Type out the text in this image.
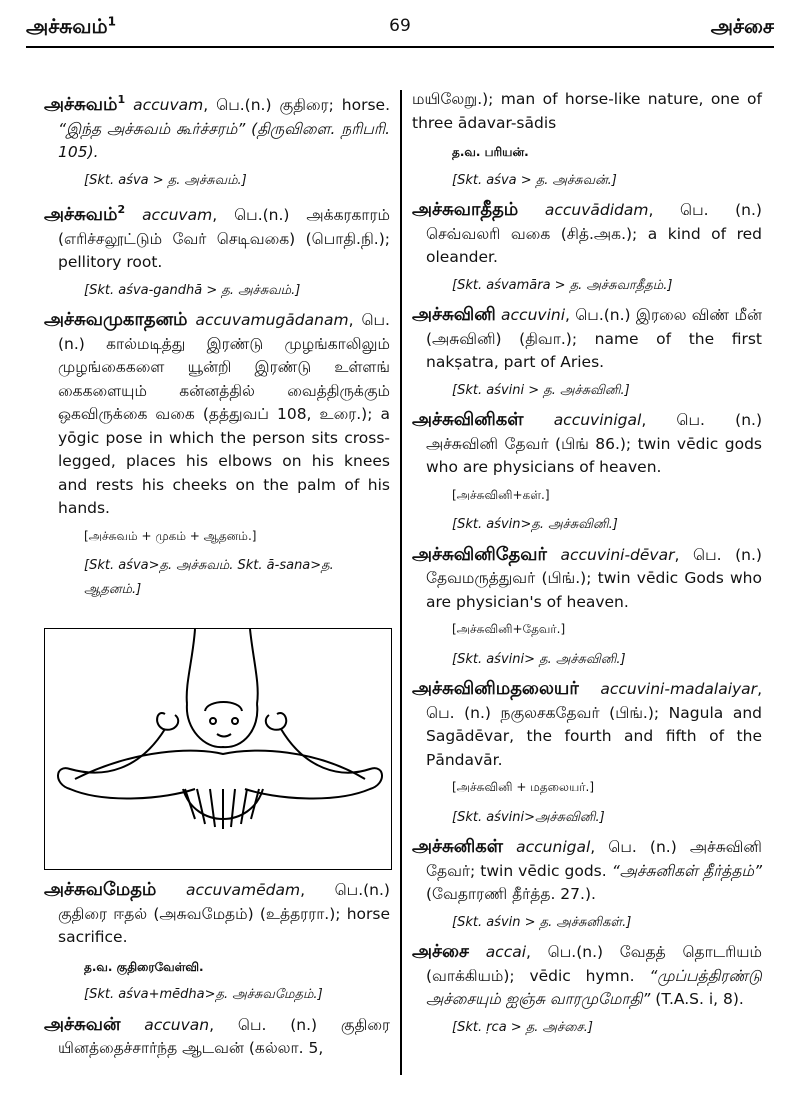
அச்சுவம்$^1$	69	அச்சை
அச்சுவம்$^1$ accuvam, பெ.(n.) குதிரை; horse. “இந்த அச்சுவம் கூர்ச்சரம்” (திருவிளை. நரிபரி. 105).
[Skt. aśva > த. அச்சுவம்.]
அச்சுவம்$^2$ accuvam, பெ.(n.) அக்கரகாரம் (எரிச்சலூட்டும் வேர் செடிவகை) (பொதி.நி.); pellitory root.
[Skt. aśva-gandhā > த. அச்சுவம்.]
அச்சுவமுகாதனம் accuvamugādanam, பெ. (n.) கால்மடித்து இரண்டு முழங்காலிலும் முழங்கைகளை யூன்றி இரண்டு உள்ளங் கைகளையும் கன்னத்தில் வைத்திருக்கும் ஒகவிருக்கை வகை (தத்துவப் 108, உரை.); a yōgic pose in which the person sits cross-legged, places his elbows on his knees and rests his cheeks on the palm of his hands.
[அச்சுவம் + முகம் + ஆதனம்.]
[Skt. aśva>த. அச்சுவம். Skt. ā-sana>த. ஆதனம்.]
அச்சுவமேதம் accuvamēdam, பெ.(n.) குதிரை ஈதல் (அசுவமேதம்) (உத்தரரா.); horse sacrifice.
த.வ. குதிரைவேள்வி.
[Skt. aśva+mēdha>த. அச்சுவமேதம்.]
அச்சுவன் accuvan, பெ. (n.) குதிரை யினத்தைச்சார்ந்த ஆடவன் (கல்லா. 5,
மயிலேறு.); man of horse-like nature, one of three ādavar-sādis
த.வ. பரியன்.
[Skt. aśva > த. அச்சுவன்.]
அச்சுவாதீதம் accuvādidam, பெ. (n.) செவ்வலரி வகை (சித்.அக.); a kind of red oleander.
[Skt. aśvamāra > த. அச்சுவாதீதம்.]
அச்சுவினி accuvini, பெ.(n.) இரலை விண் மீன் (அசுவினி) (திவா.); name of the first nakṣatra, part of Aries.
[Skt. aśvini > த. அச்சுவினி.]
அச்சுவினிகள் accuvinigal, பெ. (n.) அச்சுவினி தேவர் (பிங் 86.); twin vēdic gods who are physicians of heaven.
[அச்சுவினி+கள்.]
[Skt. aśvin>த. அச்சுவினி.]
அச்சுவினிதேவர் accuvini-dēvar, பெ. (n.) தேவமருத்துவர் (பிங்.); twin vēdic Gods who are physician's of heaven.
[அச்சுவினி+தேவர்.]
[Skt. aśvini> த. அச்சுவினி.]
அச்சுவினிமதலையர் accuvini-madalaiyar, பெ. (n.) நகுலசகதேவர் (பிங்.); Nagula and Sagādēvar, the fourth and fifth of the Pāndavār.
[அச்சுவினி + மதலையர்.]
[Skt. aśvini>அச்சுவினி.]
அச்சுனிகள் accunigal, பெ. (n.) அச்சுவினி தேவர்; twin vēdic gods. “அச்சுனிகள் தீர்த்தம்” (வேதாரணி தீர்த்த. 27.).
[Skt. aśvin > த. அச்சுனிகள்.]
அச்சை accai, பெ.(n.) வேதத் தொடரியம் (வாக்கியம்); vēdic hymn. “முப்பத்திரண்டு அச்சையும் ஐஞ்சு வாரமுமோதி” (T.A.S. i, 8).
[Skt. ṛca > த. அச்சை.]
